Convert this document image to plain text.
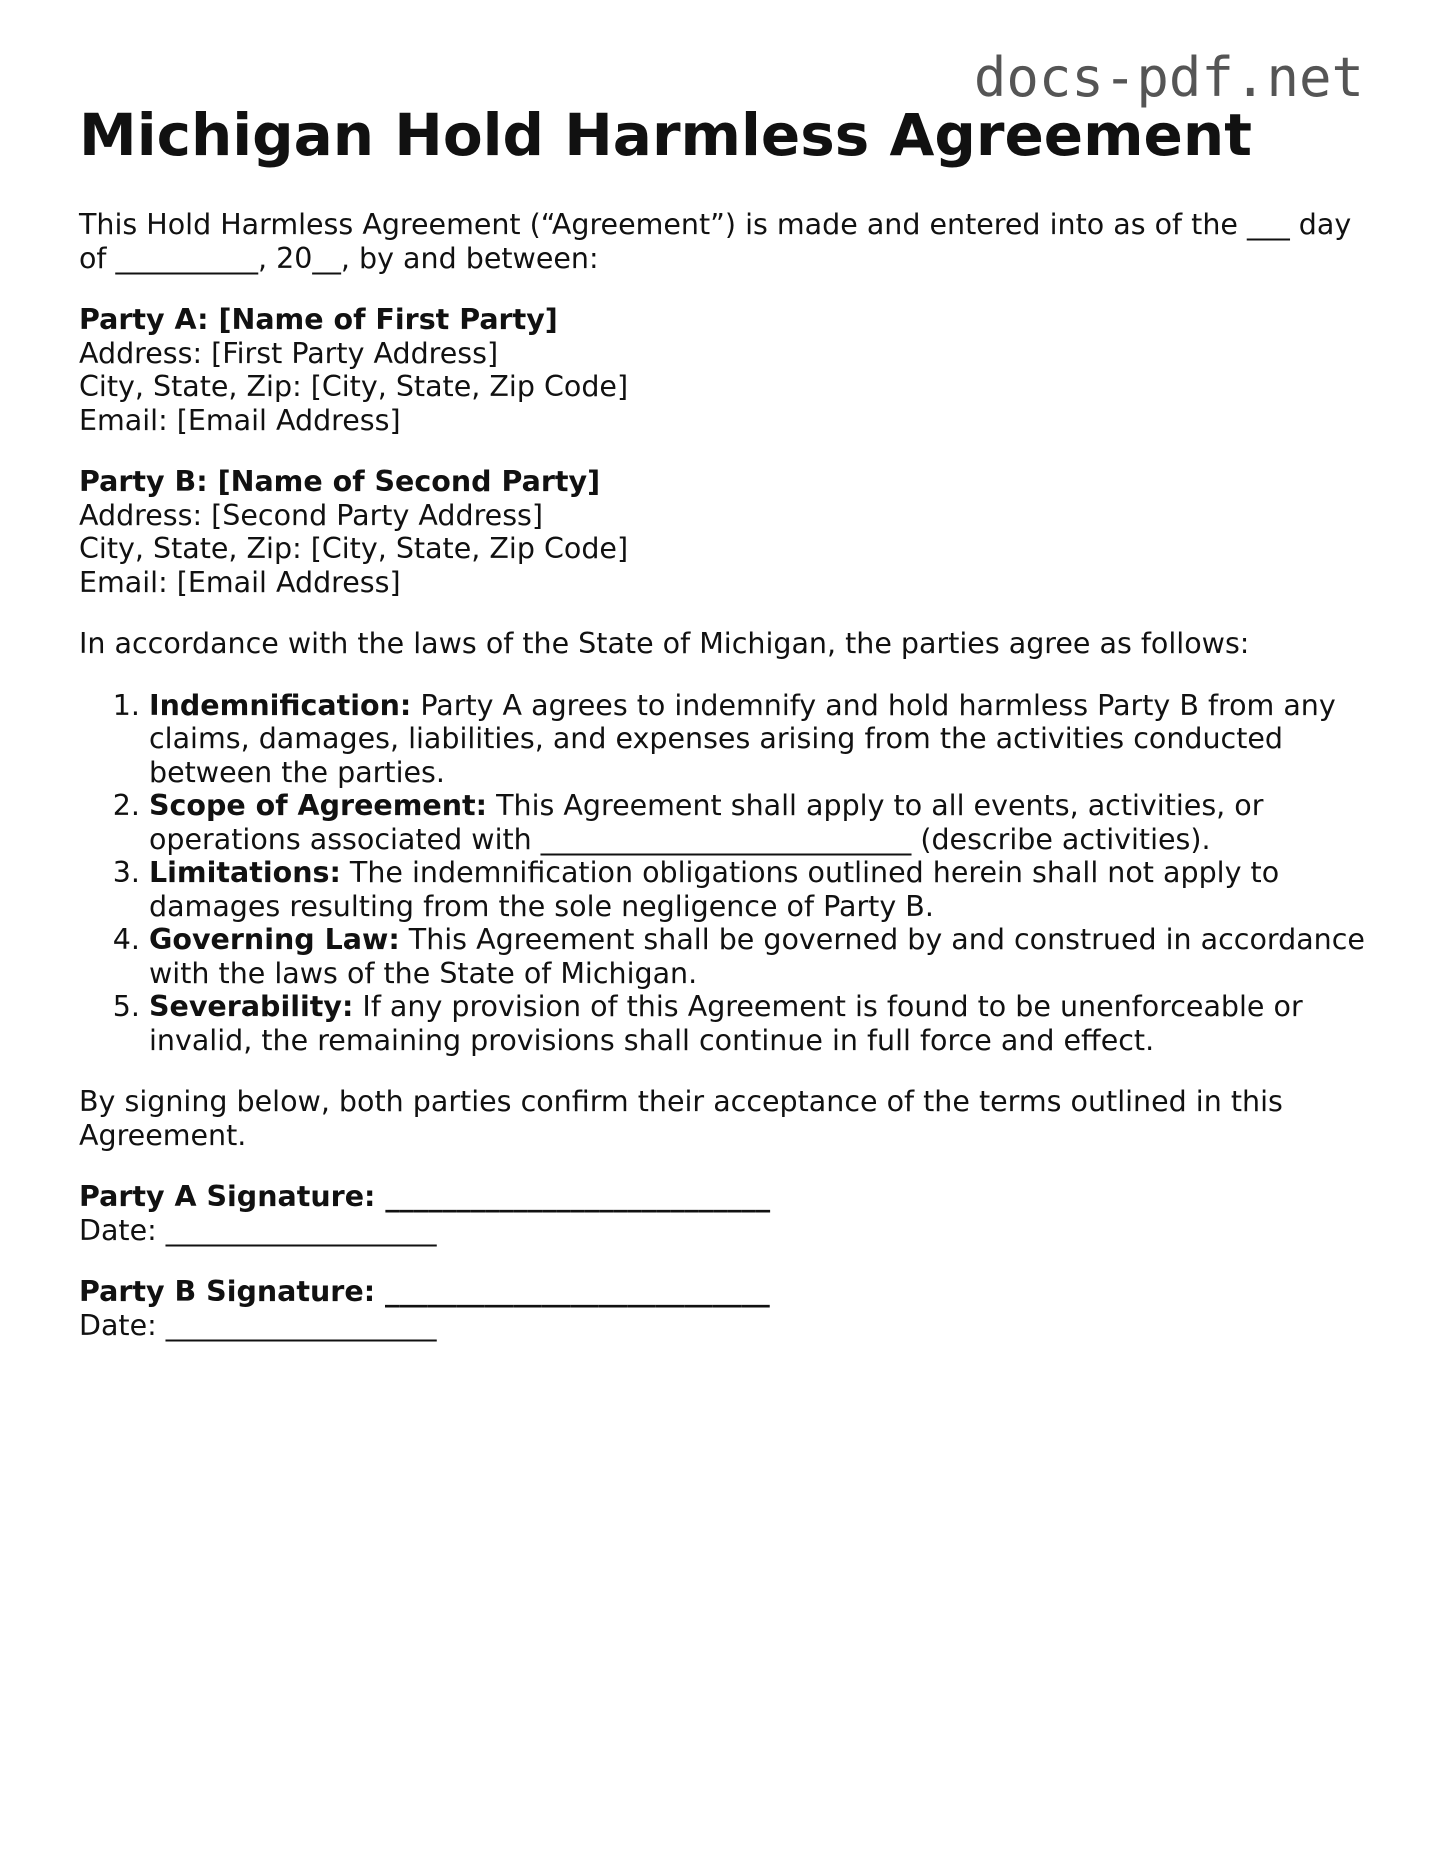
docs-pdf.net
Michigan Hold Harmless Agreement

This Hold Harmless Agreement (“Agreement”) is made and entered into as of the ___ day of __________, 20__, by and between:

Party A: [Name of First Party]

Address: [First Party Address]

City, State, Zip: [City, State, Zip Code]

Email: [Email Address]

Party B: [Name of Second Party]

Address: [Second Party Address]

City, State, Zip: [City, State, Zip Code]

Email: [Email Address]

In accordance with the laws of the State of Michigan, the parties agree as follows:

1. Indemnification: Party A agrees to indemnify and hold harmless Party B from any claims, damages, liabilities, and expenses arising from the activities conducted between the parties.
2. Scope of Agreement: This Agreement shall apply to all events, activities, or operations associated with __________________________ (describe activities).
3. Limitations: The indemnification obligations outlined herein shall not apply to damages resulting from the sole negligence of Party B.
4. Governing Law: This Agreement shall be governed by and construed in accordance with the laws of the State of Michigan.
5. Severability: If any provision of this Agreement is found to be unenforceable or invalid, the remaining provisions shall continue in full force and effect.

By signing below, both parties confirm their acceptance of the terms outlined in this Agreement.

Party A Signature: ___________________________

Date: ___________________

Party B Signature: ___________________________

Date: ___________________
